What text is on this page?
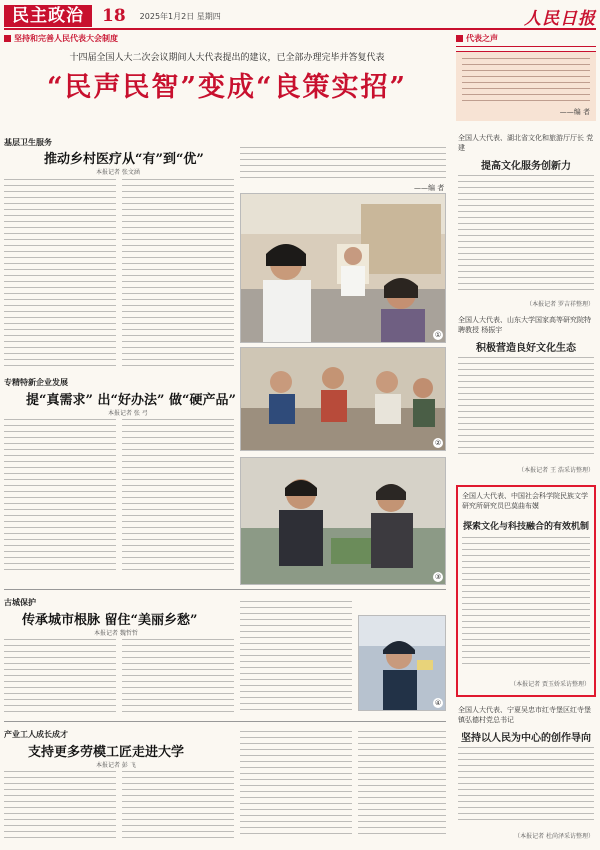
民主政治	18 2025年1月2日 星期四	人民日报
坚持和完善人民代表大会制度
十四届全国人大二次会议期间人大代表提出的建议，已全部办理完毕并答复代表
“民声民智”变成“良策实招”
基层卫生服务
推动乡村医疗从“有”到“优”
本报记者 张文涵
——编 者
①
专精特新企业发展
提“真需求” 出“好办法” 做“硬产品”
本报记者 张 弓
②
③
古城保护
传承城市根脉 留住“美丽乡愁”
本报记者 魏哲哲
④
产业工人成长成才
支持更多劳模工匠走进大学
本报记者 彭 飞
代表之声
——编 者
全国人大代表、湖北省文化和旅游厅厅长 党建
提高文化服务创新力
（本报记者 罗吉祥整理）
全国人大代表、山东大学国家高等研究院特聘教授 杨振宇
积极营造良好文化生态
（本报记者 王 浩采访整理）
全国人大代表、中国社会科学院民族文学研究所研究员巴莫曲布嫫
探索文化与科技融合的有效机制
（本报记者 贾玉娇采访整理）
全国人大代表、宁夏吴忠市红寺堡区红寺堡镇弘德村党总书记
坚持以人民为中心的创作导向
（本报记者 杜尚泽采访整理）
